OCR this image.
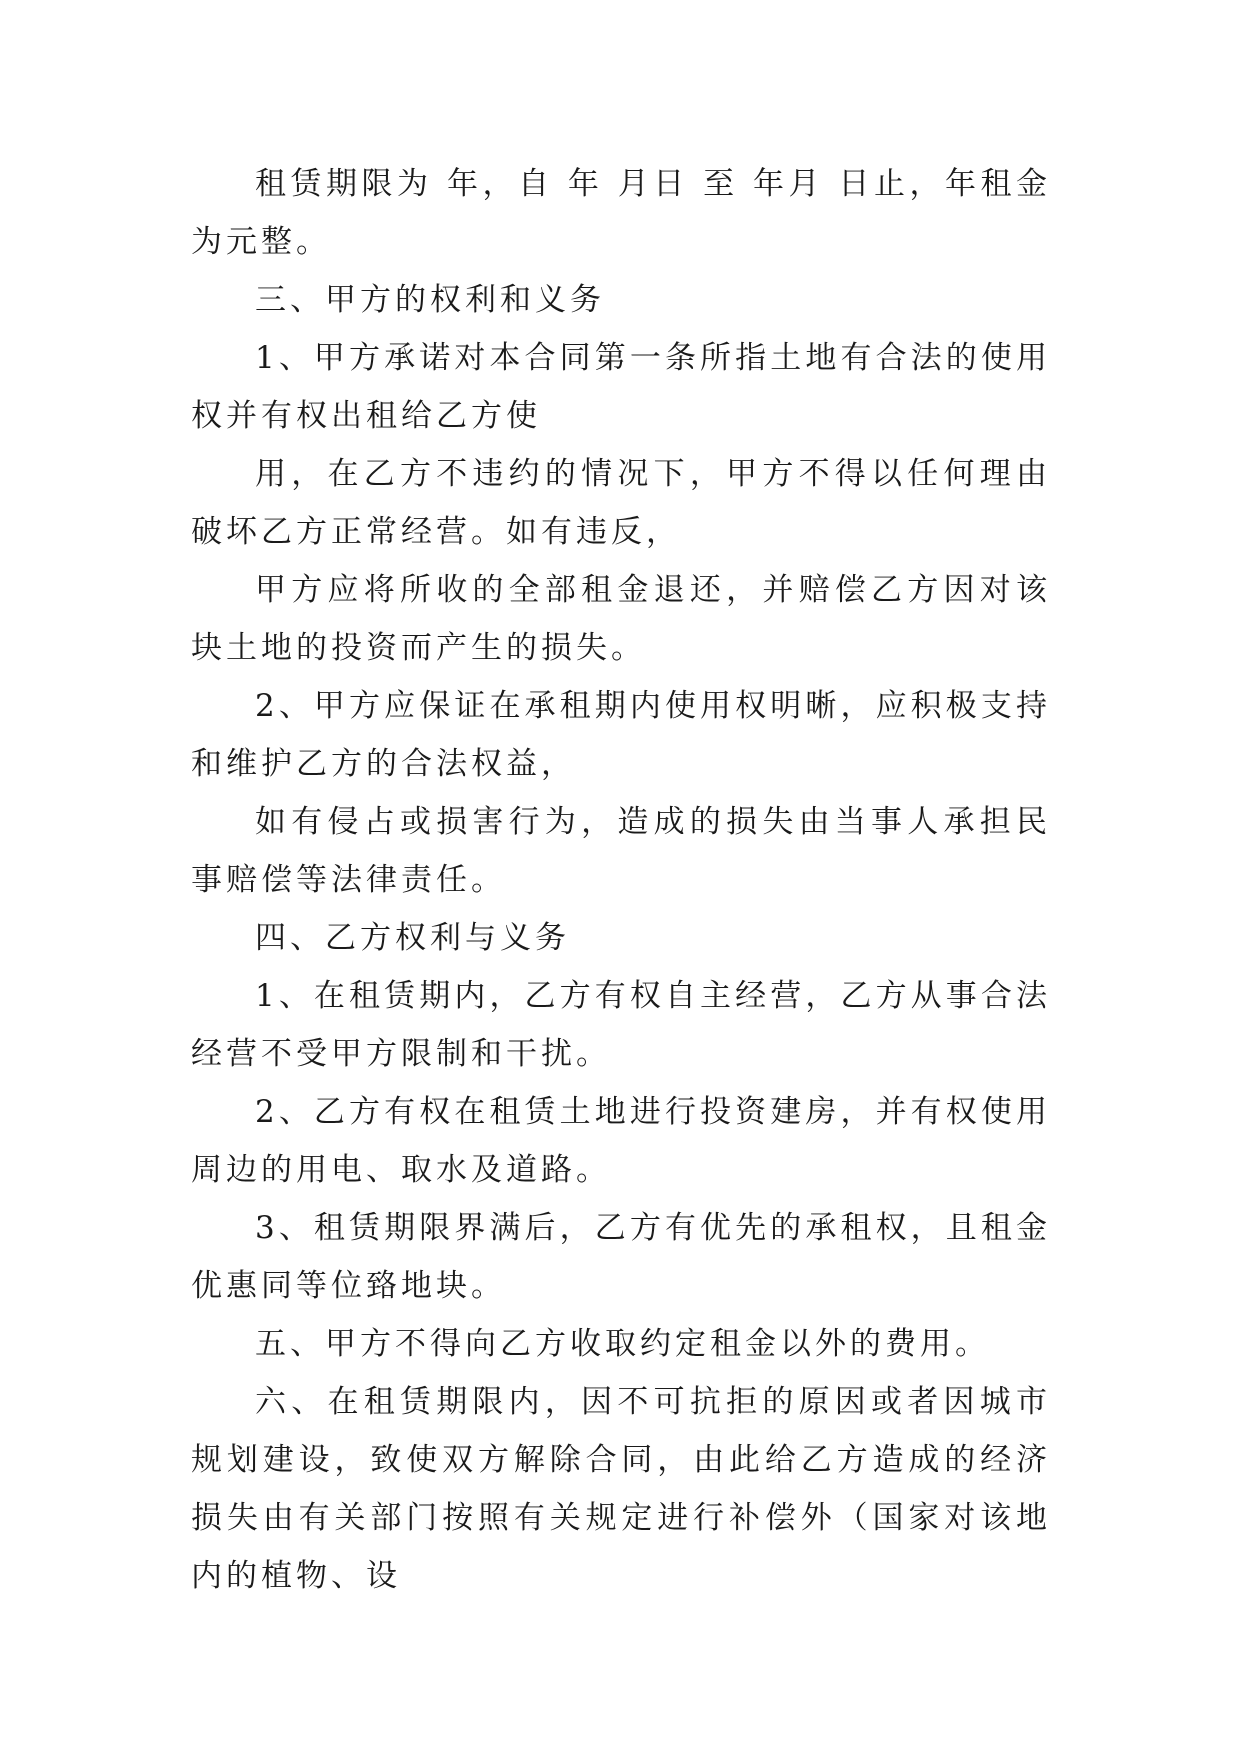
租赁期限为 年，自 年 月日 至 年月 日止，年租金为元整。

三、甲方的权利和义务

1、甲方承诺对本合同第一条所指土地有合法的使用权并有权出租给乙方使

用，在乙方不违约的情况下，甲方不得以任何理由破坏乙方正常经营。如有违反，

甲方应将所收的全部租金退还，并赔偿乙方因对该块土地的投资而产生的损失。

2、甲方应保证在承租期内使用权明晰，应积极支持和维护乙方的合法权益，

如有侵占或损害行为，造成的损失由当事人承担民事赔偿等法律责任。

四、乙方权利与义务

1、在租赁期内，乙方有权自主经营，乙方从事合法经营不受甲方限制和干扰。

2、乙方有权在租赁土地进行投资建房，并有权使用周边的用电、取水及道路。

3、租赁期限界满后，乙方有优先的承租权，且租金优惠同等位臵地块。

五、甲方不得向乙方收取约定租金以外的费用。

六、在租赁期限内，因不可抗拒的原因或者因城市规划建设，致使双方解除合同，由此给乙方造成的经济损失由有关部门按照有关规定进行补偿外（国家对该地内的植物、设
